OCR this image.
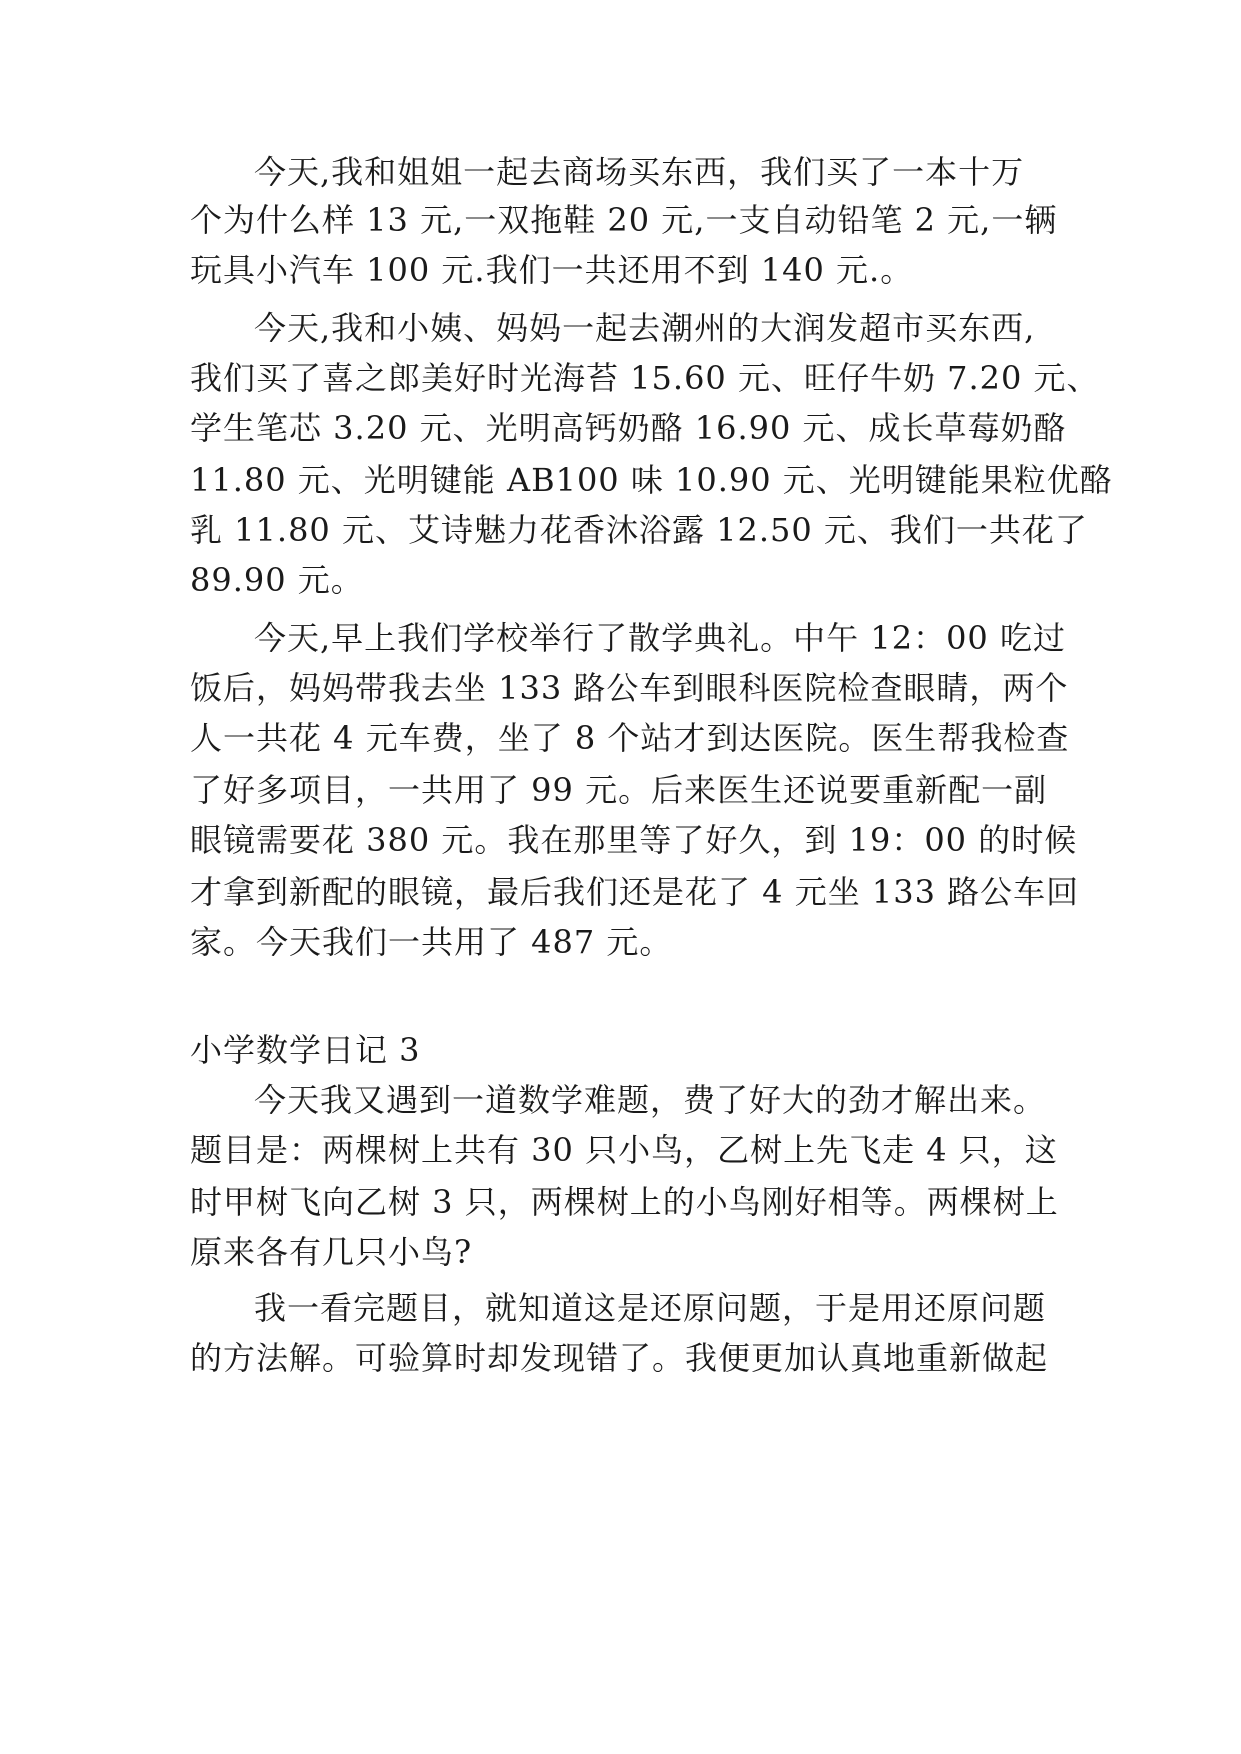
今天,我和姐姐一起去商场买东西，我们买了一本十万
个为什么样 13 元,一双拖鞋 20 元,一支自动铅笔 2 元,一辆
玩具小汽车 100 元.我们一共还用不到 140 元.。
今天,我和小姨、妈妈一起去潮州的大润发超市买东西,
我们买了喜之郎美好时光海苔 15.60 元、旺仔牛奶 7.20 元、
学生笔芯 3.20 元、光明高钙奶酪 16.90 元、成长草莓奶酪
11.80 元、光明键能 AB100 味 10.90 元、光明键能果粒优酪
乳 11.80 元、艾诗魅力花香沐浴露 12.50 元、我们一共花了
89.90 元。
今天,早上我们学校举行了散学典礼。中午 12：00 吃过
饭后，妈妈带我去坐 133 路公车到眼科医院检查眼睛，两个
人一共花 4 元车费，坐了 8 个站才到达医院。医生帮我检查
了好多项目，一共用了 99 元。后来医生还说要重新配一副
眼镜需要花 380 元。我在那里等了好久，到 19：00 的时候
才拿到新配的眼镜，最后我们还是花了 4 元坐 133 路公车回
家。今天我们一共用了 487 元。
小学数学日记 3
今天我又遇到一道数学难题，费了好大的劲才解出来。
题目是：两棵树上共有 30 只小鸟，乙树上先飞走 4 只，这
时甲树飞向乙树 3 只，两棵树上的小鸟刚好相等。两棵树上
原来各有几只小鸟?
我一看完题目，就知道这是还原问题，于是用还原问题
的方法解。可验算时却发现错了。我便更加认真地重新做起
